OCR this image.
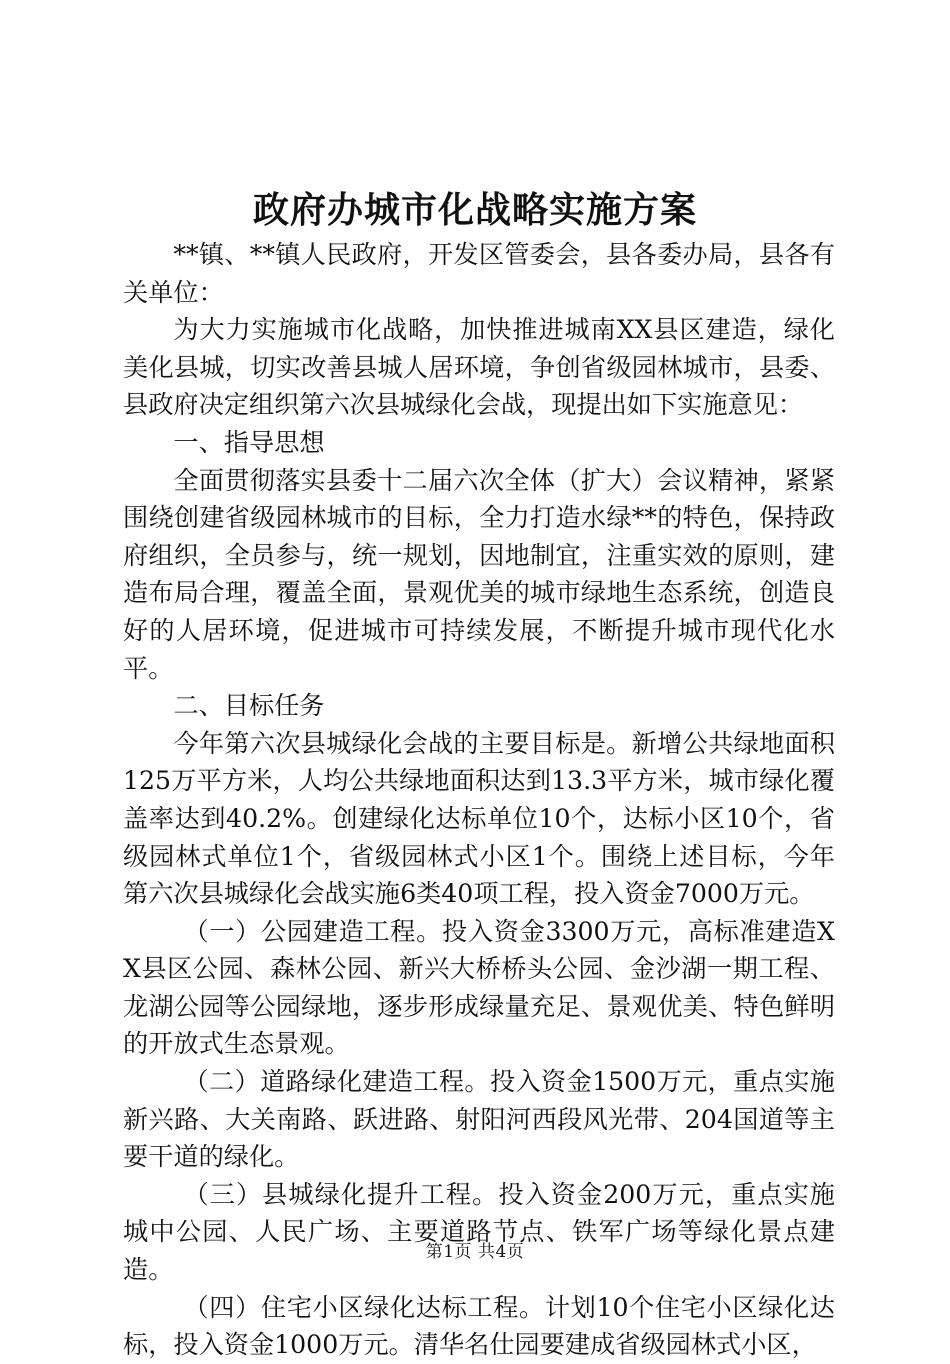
政府办城市化战略实施方案

**镇、**镇人民政府，开发区管委会，县各委办局，县各有关单位：

为大力实施城市化战略，加快推进城南XX县区建造，绿化美化县城，切实改善县城人居环境，争创省级园林城市，县委、县政府决定组织第六次县城绿化会战，现提出如下实施意见：

一、指导思想

全面贯彻落实县委十二届六次全体（扩大）会议精神，紧紧围绕创建省级园林城市的目标，全力打造水绿**的特色，保持政府组织，全员参与，统一规划，因地制宜，注重实效的原则，建造布局合理，覆盖全面，景观优美的城市绿地生态系统，创造良好的人居环境，促进城市可持续发展，不断提升城市现代化水平。

二、目标任务

今年第六次县城绿化会战的主要目标是。新增公共绿地面积125万平方米，人均公共绿地面积达到13.3平方米，城市绿化覆盖率达到40.2%。创建绿化达标单位10个，达标小区10个，省级园林式单位1个，省级园林式小区1个。围绕上述目标，今年第六次县城绿化会战实施6类40项工程，投入资金7000万元。

（一）公园建造工程。投入资金3300万元，高标准建造XX县区公园、森林公园、新兴大桥桥头公园、金沙湖一期工程、龙湖公园等公园绿地，逐步形成绿量充足、景观优美、特色鲜明的开放式生态景观。

（二）道路绿化建造工程。投入资金1500万元，重点实施新兴路、大关南路、跃进路、射阳河西段风光带、204国道等主要干道的绿化。

（三）县城绿化提升工程。投入资金200万元，重点实施城中公园、人民广场、主要道路节点、铁军广场等绿化景点建造。

（四）住宅小区绿化达标工程。计划10个住宅小区绿化达标，投入资金1000万元。清华名仕园要建成省级园林式小区，

第1页 共4页
